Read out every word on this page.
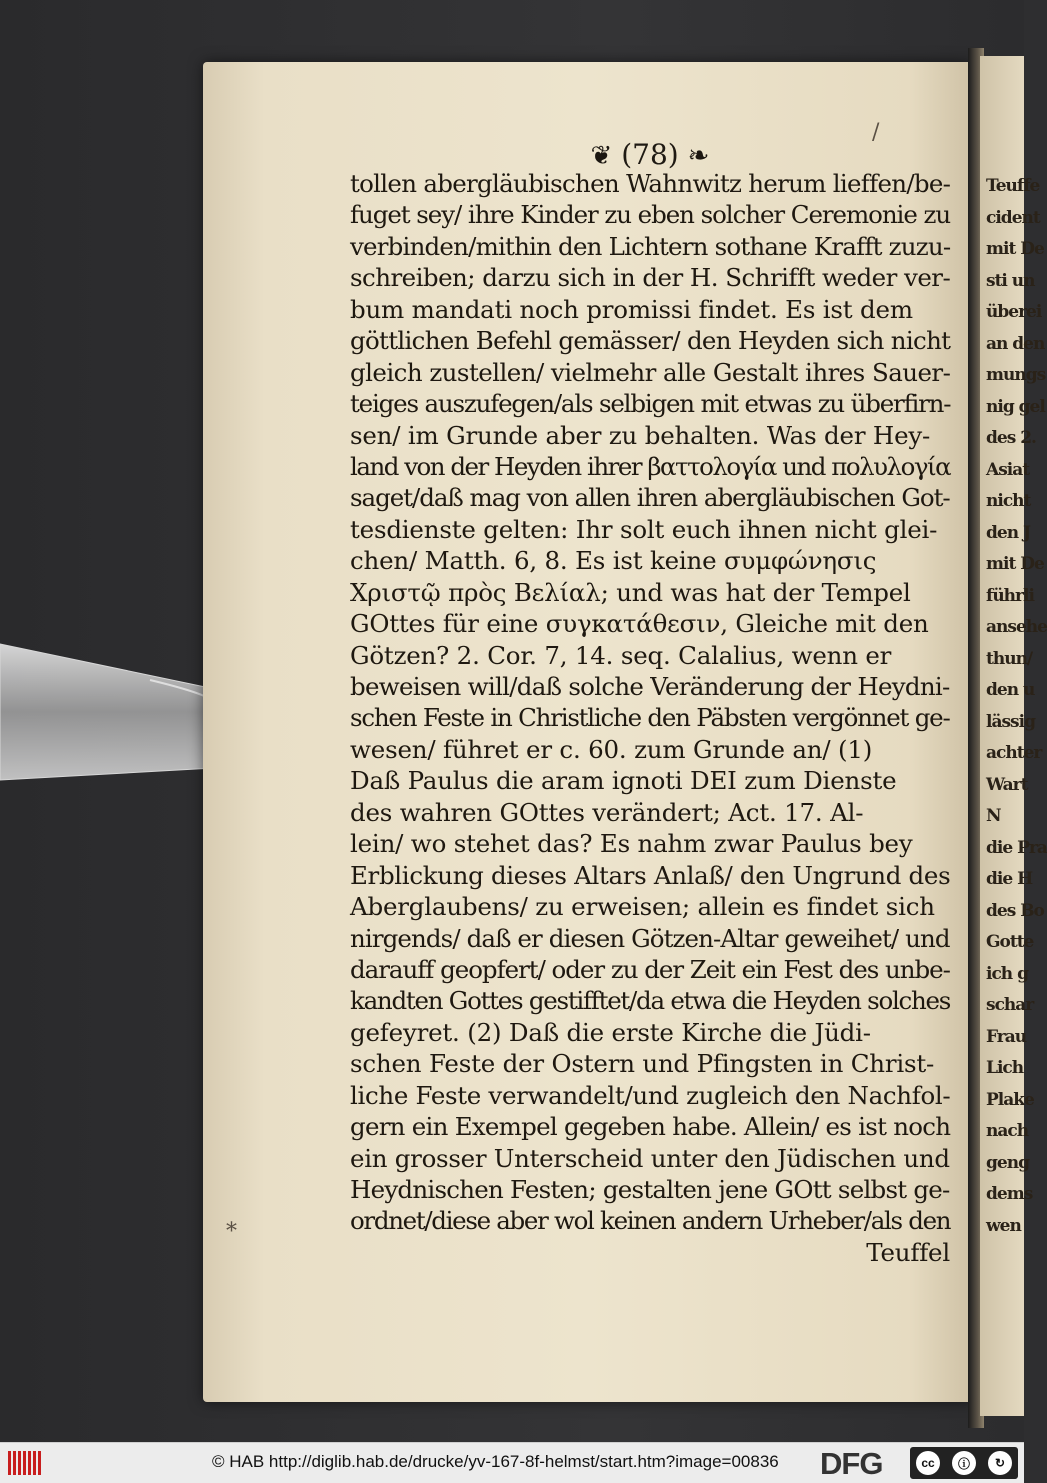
Teuffe
cident
mit De
sti un
überei
an den
mungs
nig gel
des 2.
Asiat
nicht
den J
mit De
führli
ansehe
thun/
den u
lässig
achter
Wart
N
die Pra
die H
des Bo
Gotte
ich g
schar
Frau
Lich
Plake
nach
geng
dems
wen
❦ (78) ❧
tollen abergläubischen Wahnwitz herum lieffen/be-
fuget sey/ ihre Kinder zu eben solcher Ceremonie zu
verbinden/mithin den Lichtern sothane Krafft zuzu-
schreiben; darzu sich in der H. Schrifft weder ver-
bum mandati noch promissi findet. Es ist dem
göttlichen Befehl gemässer/ den Heyden sich nicht
gleich zustellen/ vielmehr alle Gestalt ihres Sauer-
teiges auszufegen/als selbigen mit etwas zu überfirn-
sen/ im Grunde aber zu behalten. Was der Hey-
land von der Heyden ihrer βαττολογία und πολυλογία
saget/daß mag von allen ihren abergläubischen Got-
tesdienste gelten: Ihr solt euch ihnen nicht glei-
chen/ Matth. 6, 8. Es ist keine συμφώνησις
Χριστῷ πρὸς Βελίαλ; und was hat der Tempel
GOttes für eine συγκατάθεσιν, Gleiche mit den
Götzen? 2. Cor. 7, 14. seq. Calalius, wenn er
beweisen will/daß solche Veränderung der Heydni-
schen Feste in Christliche den Päbsten vergönnet ge-
wesen/ führet er c. 60. zum Grunde an/ (1)
Daß Paulus die aram ignoti DEI zum Dienste
des wahren GOttes verändert; Act. 17. Al-
lein/ wo stehet das? Es nahm zwar Paulus bey
Erblickung dieses Altars Anlaß/ den Ungrund des
Aberglaubens/ zu erweisen; allein es findet sich
nirgends/ daß er diesen Götzen-Altar geweihet/ und
darauff geopfert/ oder zu der Zeit ein Fest des unbe-
kandten Gottes gestifftet/da etwa die Heyden solches
gefeyret. (2) Daß die erste Kirche die Jüdi-
schen Feste der Ostern und Pfingsten in Christ-
liche Feste verwandelt/und zugleich den Nachfol-
gern ein Exempel gegeben habe. Allein/ es ist noch
ein grosser Unterscheid unter den Jüdischen und
Heydnischen Festen; gestalten jene GOtt selbst ge-
ordnet/diese aber wol keinen andern Urheber/als den
Teuffel
/
⁎
© HAB http://diglib.hab.de/drucke/yv-167-8f-helmst/start.htm?image=00836 DFG	cc	ⓘ	↻
